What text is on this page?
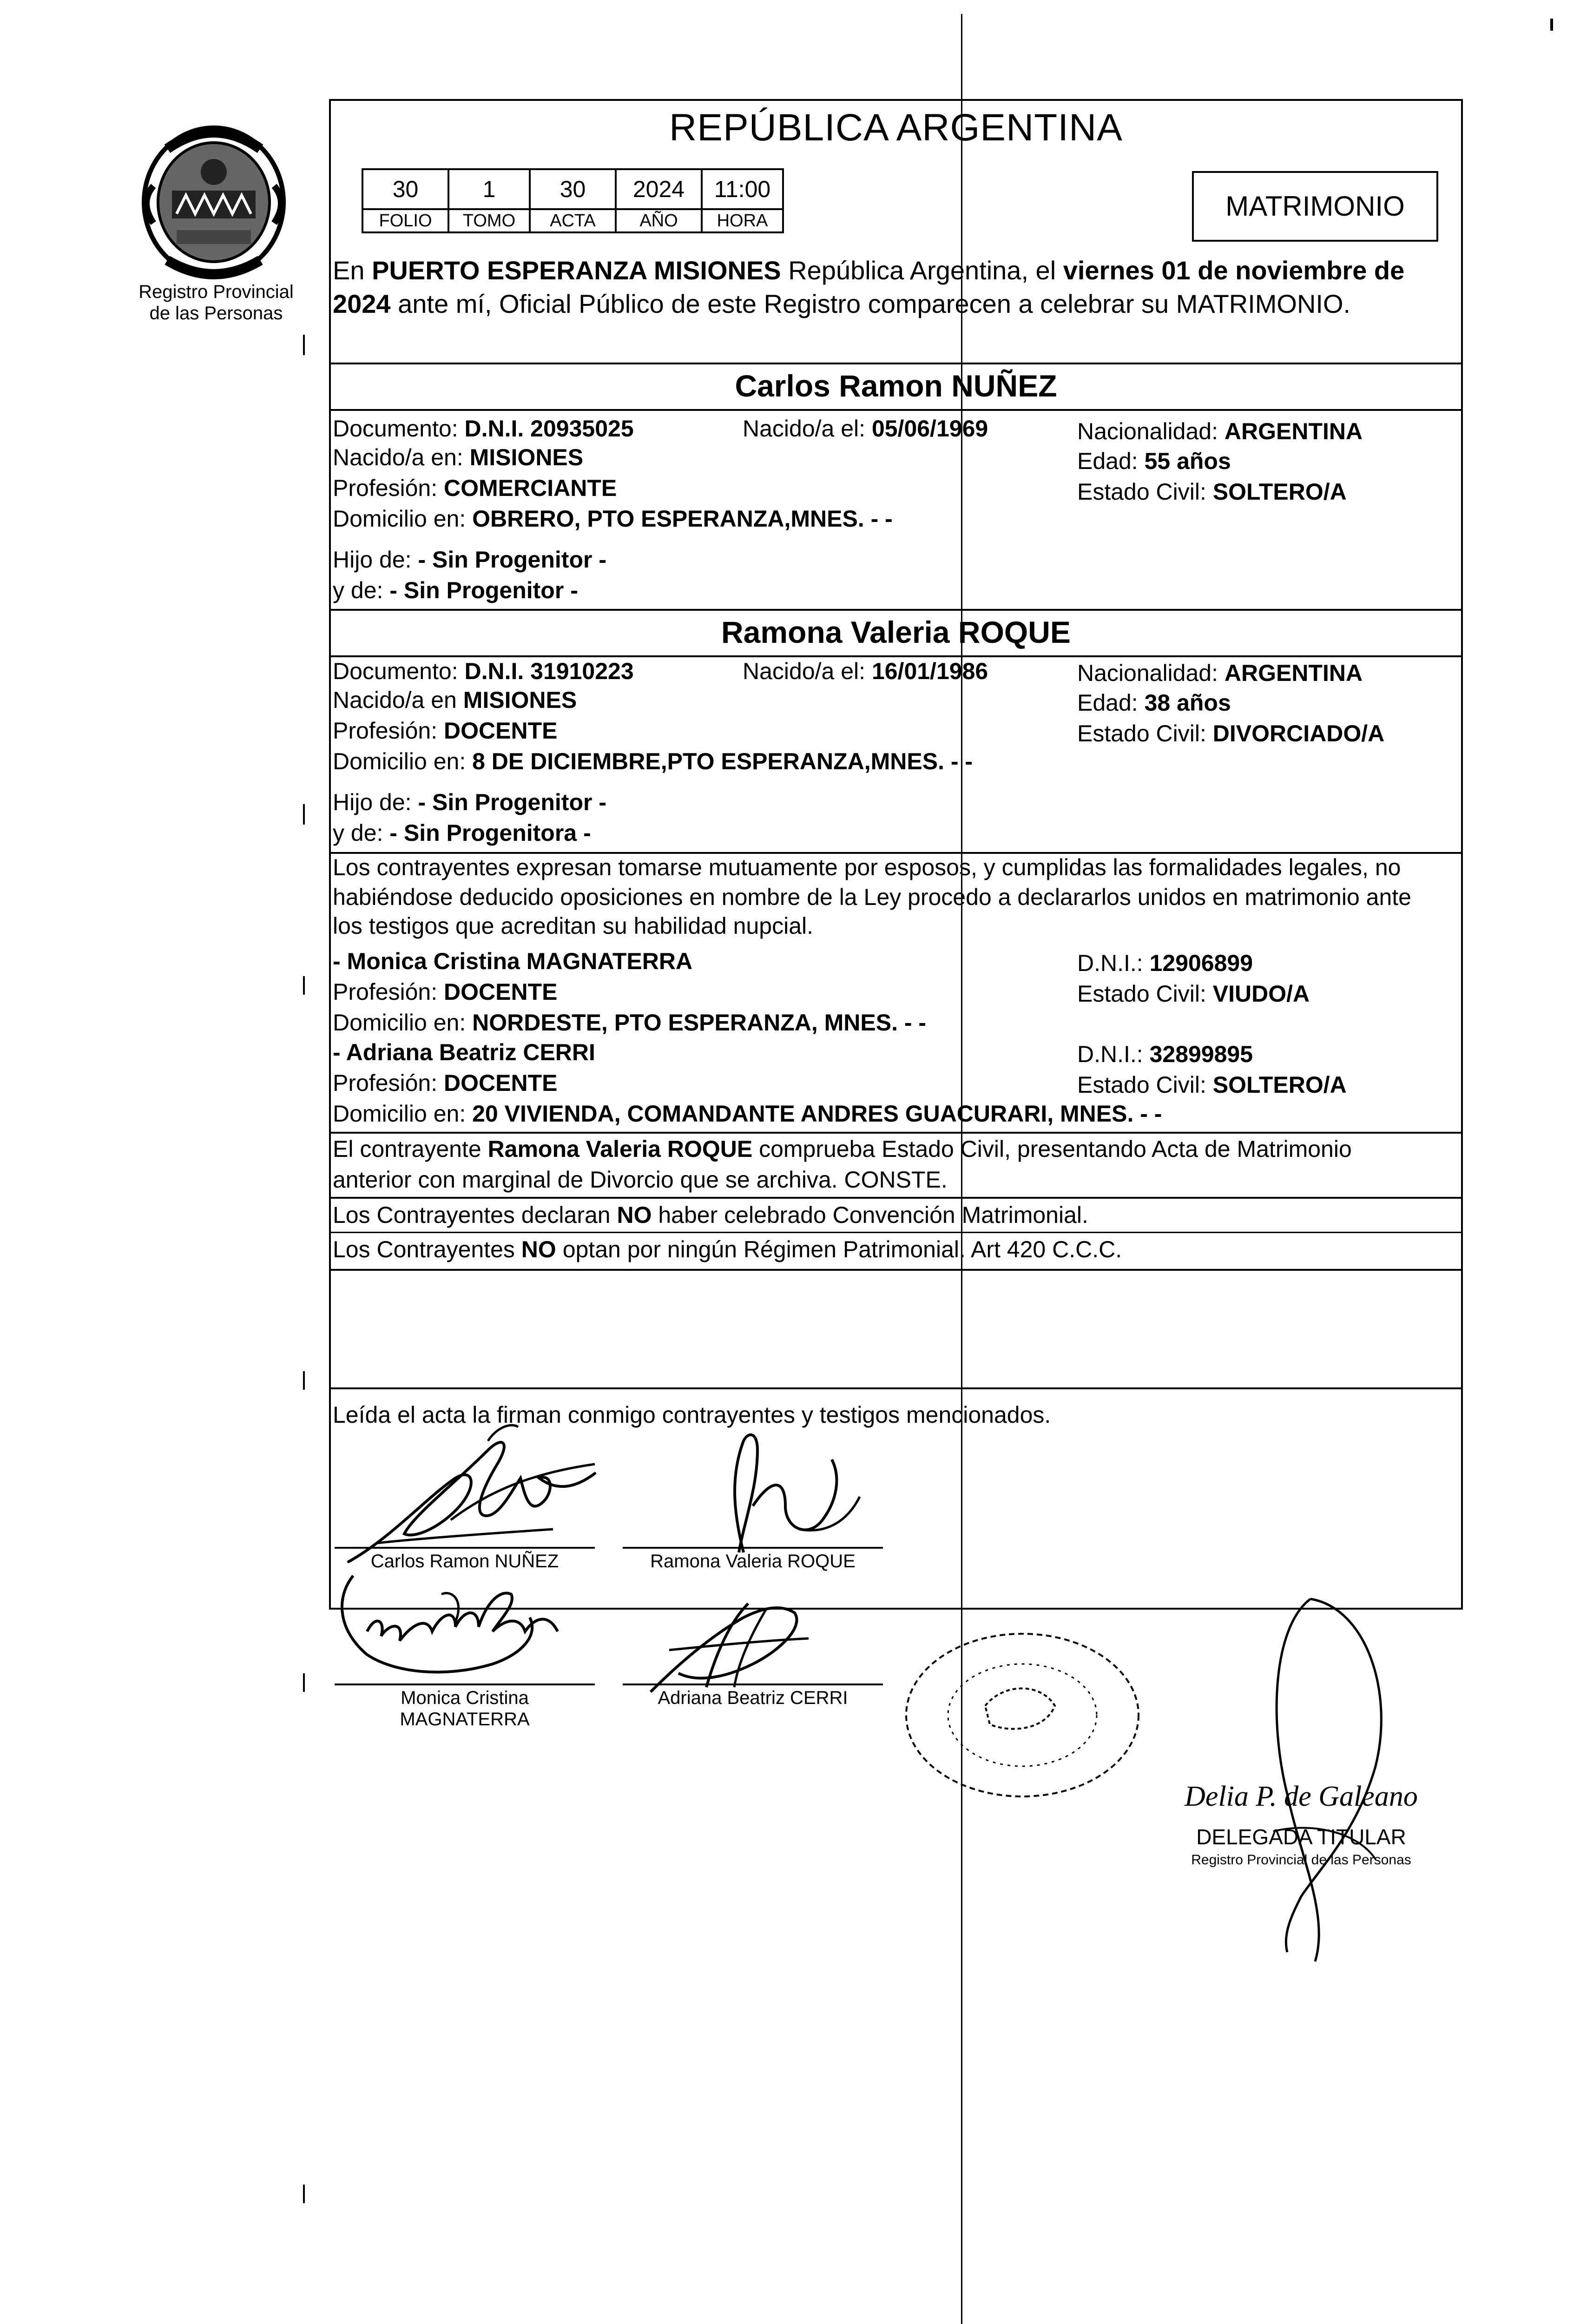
Registro Provincial
de las Personas
REPÚBLICA ARGENTINA
30	1	30	2024	11:00
FOLIO	TOMO	ACTA	AÑO	HORA	MATRIMONIO
En PUERTO ESPERANZA MISIONES República Argentina, el viernes 01 de noviembre de
2024 ante mí, Oficial Público de este Registro comparecen a celebrar su MATRIMONIO.
Carlos Ramon NUÑEZ
Documento: D.N.I. 20935025	Nacido/a el: 05/06/1969	Nacionalidad: ARGENTINA
Nacido/a en: MISIONES	Edad: 55 años
Profesión: COMERCIANTE	Estado Civil: SOLTERO/A
Domicilio en: OBRERO, PTO ESPERANZA,MNES. - -
Hijo de: - Sin Progenitor -
y de: - Sin Progenitor -
Ramona Valeria ROQUE
Documento: D.N.I. 31910223	Nacido/a el: 16/01/1986	Nacionalidad: ARGENTINA
Nacido/a en MISIONES	Edad: 38 años
Profesión: DOCENTE	Estado Civil: DIVORCIADO/A
Domicilio en: 8 DE DICIEMBRE,PTO ESPERANZA,MNES. - -
Hijo de: - Sin Progenitor -
y de: - Sin Progenitora -
Los contrayentes expresan tomarse mutuamente por esposos, y cumplidas las formalidades legales, no
habiéndose deducido oposiciones en nombre de la Ley procedo a declararlos unidos en matrimonio ante
los testigos que acreditan su habilidad nupcial.
- Monica Cristina MAGNATERRA	D.N.I.: 12906899
Profesión: DOCENTE	Estado Civil: VIUDO/A
Domicilio en: NORDESTE, PTO ESPERANZA, MNES. - -
- Adriana Beatriz CERRI	D.N.I.: 32899895
Profesión: DOCENTE	Estado Civil: SOLTERO/A
Domicilio en: 20 VIVIENDA, COMANDANTE ANDRES GUACURARI, MNES. - -
El contrayente Ramona Valeria ROQUE comprueba Estado Civil, presentando Acta de Matrimonio
anterior con marginal de Divorcio que se archiva. CONSTE.
Los Contrayentes declaran NO haber celebrado Convención Matrimonial.
Los Contrayentes NO optan por ningún Régimen Patrimonial. Art 420 C.C.C.
Leída el acta la firman conmigo contrayentes y testigos mencionados.
Carlos Ramon NUÑEZ	Ramona Valeria ROQUE
Monica Cristina
MAGNATERRA
Adriana Beatriz CERRI
Delia P. de Galeano
DELEGADA TITULAR
Registro Provincial de las Personas
